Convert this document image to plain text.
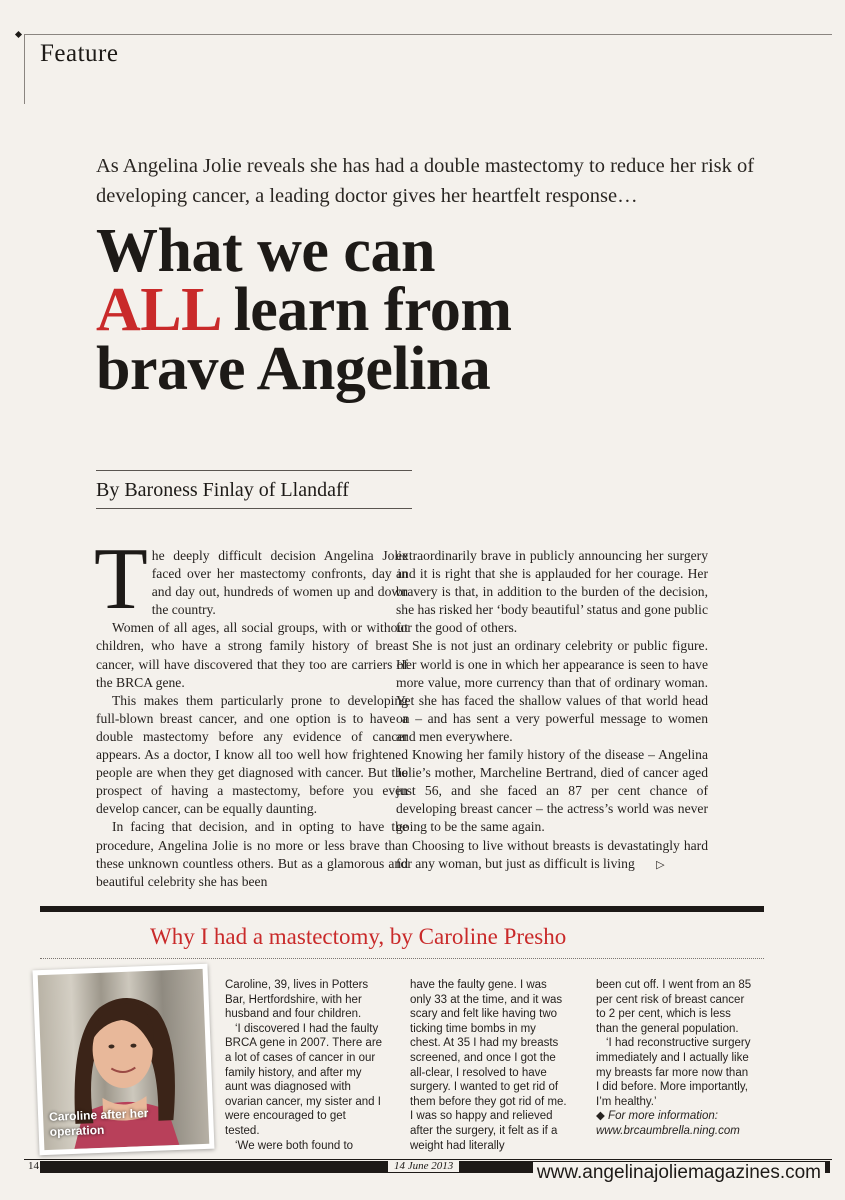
Feature
As Angelina Jolie reveals she has had a double mastectomy to reduce her risk of developing cancer, a leading doctor gives her heartfelt response…
What we can
ALL learn from
brave Angelina
By Baroness Finlay of Llandaff

The deeply difficult decision Angelina Jolie faced over her mastectomy confronts, day in and day out, hundreds of women up and down the country.

Women of all ages, all social groups, with or without children, who have a strong family history of breast cancer, will have discovered that they too are carriers of the BRCA gene.

This makes them particularly prone to developing full-blown breast cancer, and one option is to have a double mastectomy before any evidence of cancer appears. As a doctor, I know all too well how frightened people are when they get diagnosed with cancer. But the prospect of having a mastectomy, before you even develop cancer, can be equally daunting.

In facing that decision, and in opting to have the procedure, Angelina Jolie is no more or less brave than these unknown countless others. But as a glamorous and beautiful celebrity she has been

extraordinarily brave in publicly announcing her surgery and it is right that she is applauded for her courage. Her bravery is that, in addition to the burden of the decision, she has risked her ‘body beautiful’ status and gone public for the good of others.

She is not just an ordinary celebrity or public figure. Her world is one in which her appearance is seen to have more value, more currency than that of ordinary woman. Yet she has faced the shallow values of that world head on – and has sent a very powerful message to women and men everywhere.

Knowing her family history of the disease – Angelina Jolie’s mother, Marcheline Bertrand, died of cancer aged just 56, and she faced an 87 per cent chance of developing breast cancer – the actress’s world was never going to be the same again.

Choosing to live without breasts is devastatingly hard for any woman, but just as difficult is living ▷

Why I had a mastectomy, by Caroline Presho
Caroline after her operation

Caroline, 39, lives in Potters Bar, Hertfordshire, with her husband and four children.

‘I discovered I had the faulty BRCA gene in 2007. There are a lot of cases of cancer in our family history, and after my aunt was diagnosed with ovarian cancer, my sister and I were encouraged to get tested.

‘We were both found to

have the faulty gene. I was only 33 at the time, and it was scary and felt like having two ticking time bombs in my chest. At 35 I had my breasts screened, and once I got the all-clear, I resolved to have surgery. I wanted to get rid of them before they got rid of me. I was so happy and relieved after the surgery, it felt as if a weight had literally

been cut off. I went from an 85 per cent risk of breast cancer to 2 per cent, which is less than the general population.

‘I had reconstructive surgery immediately and I actually like my breasts far more now than I did before. More importantly, I’m healthy.’

◆ For more information:

www.brcaumbrella.ning.com

14	14 June 2013	www.angelinajoliemagazines.com
